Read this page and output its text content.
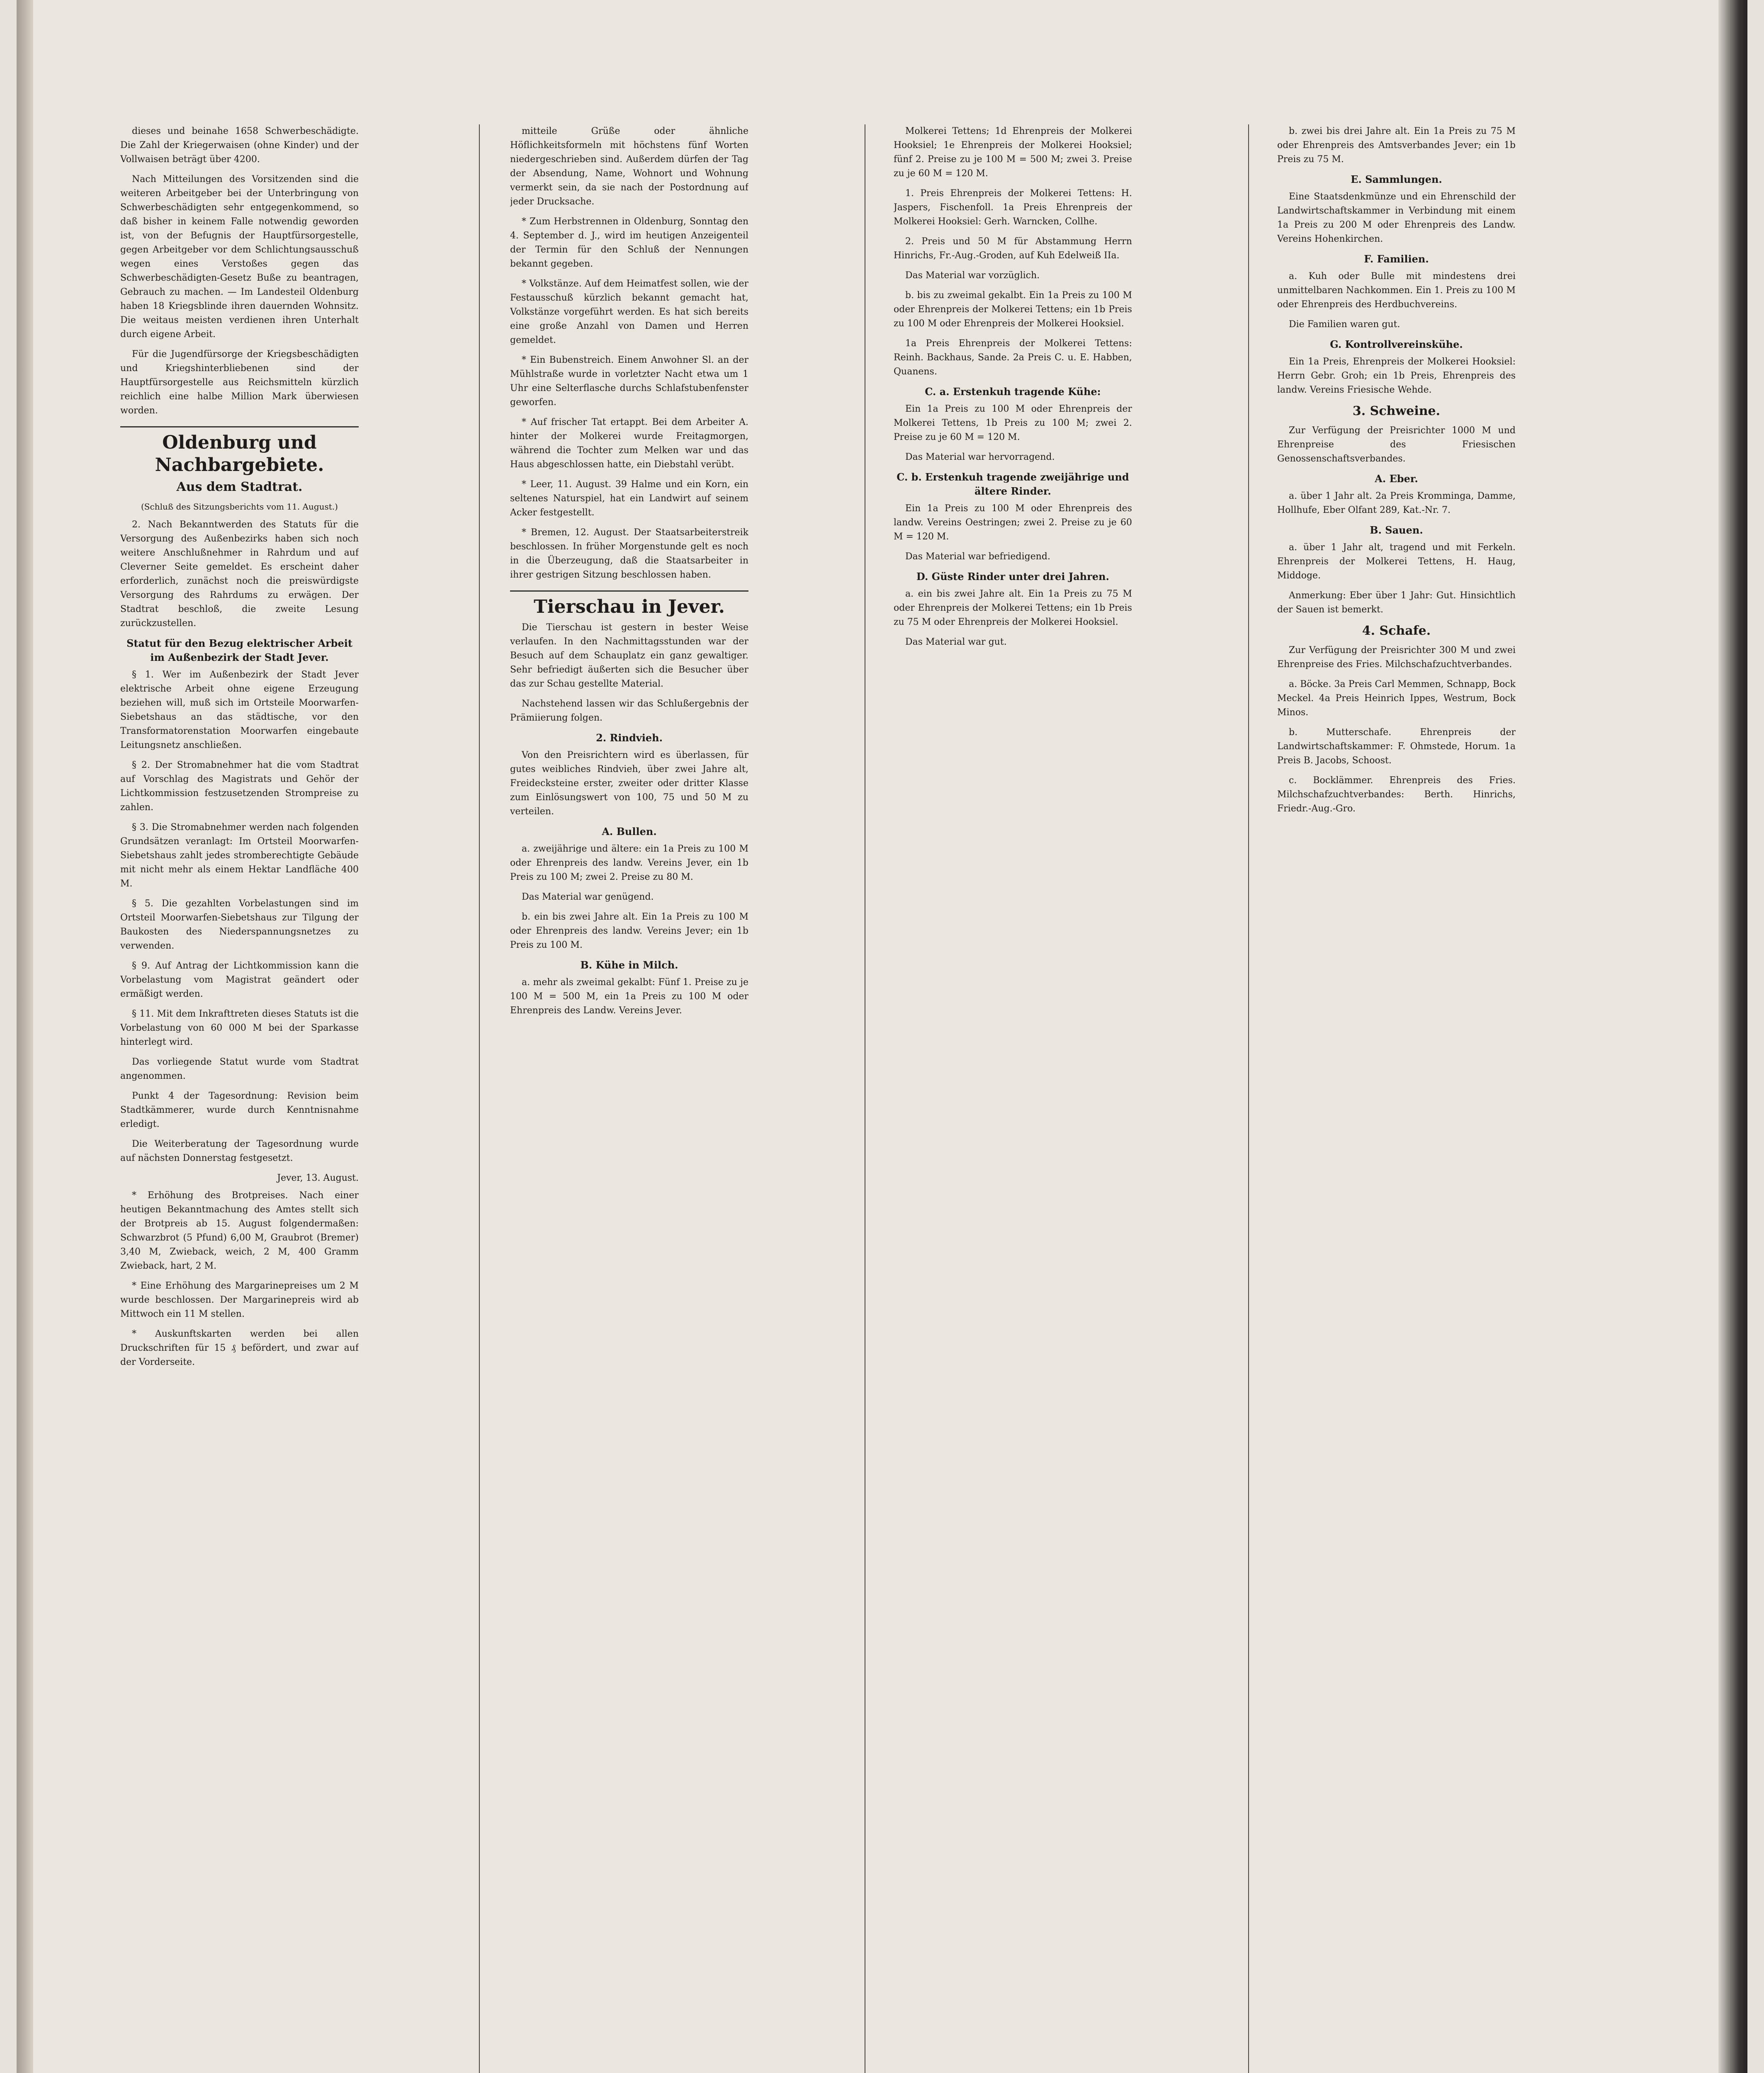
dieses und beinahe 1658 Schwerbeschädigte. Die Zahl der Kriegerwaisen (ohne Kinder) und der Vollwaisen beträgt über 4200.

Nach Mitteilungen des Vorsitzenden sind die weiteren Arbeitgeber bei der Unterbringung von Schwerbeschädigten sehr entgegenkommend, so daß bisher in keinem Falle notwendig geworden ist, von der Befugnis der Hauptfürsorgestelle, gegen Arbeitgeber vor dem Schlichtungsausschuß wegen eines Verstoßes gegen das Schwerbeschädigten-Gesetz Buße zu beantragen, Gebrauch zu machen. — Im Landesteil Oldenburg haben 18 Kriegsblinde ihren dauernden Wohnsitz. Die weitaus meisten verdienen ihren Unterhalt durch eigene Arbeit.

Für die Jugendfürsorge der Kriegsbeschädigten und Kriegshinterbliebenen sind der Hauptfürsorgestelle aus Reichsmitteln kürzlich reichlich eine halbe Million Mark überwiesen worden.

Oldenburg und Nachbargebiete.
Aus dem Stadtrat.
(Schluß des Sitzungsberichts vom 11. August.)

2. Nach Bekanntwerden des Statuts für die Versorgung des Außenbezirks haben sich noch weitere Anschlußnehmer in Rahrdum und auf Cleverner Seite gemeldet. Es erscheint daher erforderlich, zunächst noch die preiswürdigste Versorgung des Rahrdums zu erwägen. Der Stadtrat beschloß, die zweite Lesung zurückzustellen.

Statut für den Bezug elektrischer Arbeit im Außenbezirk der Stadt Jever.

§ 1. Wer im Außenbezirk der Stadt Jever elektrische Arbeit ohne eigene Erzeugung beziehen will, muß sich im Ortsteile Moorwarfen-Siebetshaus an das städtische, vor den Transformatorenstation Moorwarfen eingebaute Leitungsnetz anschließen.

§ 2. Der Stromabnehmer hat die vom Stadtrat auf Vorschlag des Magistrats und Gehör der Lichtkommission festzusetzenden Strompreise zu zahlen.

§ 3. Die Stromabnehmer werden nach folgenden Grundsätzen veranlagt: Im Ortsteil Moorwarfen-Siebetshaus zahlt jedes stromberechtigte Gebäude mit nicht mehr als einem Hektar Landfläche 400 M.

§ 5. Die gezahlten Vorbelastungen sind im Ortsteil Moorwarfen-Siebetshaus zur Tilgung der Baukosten des Niederspannungsnetzes zu verwenden.

§ 9. Auf Antrag der Lichtkommission kann die Vorbelastung vom Magistrat geändert oder ermäßigt werden.

§ 11. Mit dem Inkrafttreten dieses Statuts ist die Vorbelastung von 60 000 M bei der Sparkasse hinterlegt wird.

Das vorliegende Statut wurde vom Stadtrat angenommen.

Punkt 4 der Tagesordnung: Revision beim Stadtkämmerer, wurde durch Kenntnisnahme erledigt.

Die Weiterberatung der Tagesordnung wurde auf nächsten Donnerstag festgesetzt.

Jever, 13. August.

* Erhöhung des Brotpreises. Nach einer heutigen Bekanntmachung des Amtes stellt sich der Brotpreis ab 15. August folgendermaßen: Schwarzbrot (5 Pfund) 6,00 M, Graubrot (Bremer) 3,40 M, Zwieback, weich, 2 M, 400 Gramm Zwieback, hart, 2 M.

* Eine Erhöhung des Margarinepreises um 2 M wurde beschlossen. Der Margarinepreis wird ab Mittwoch ein 11 M stellen.

* Auskunftskarten werden bei allen Druckschriften für 15 ₰ befördert, und zwar auf der Vorderseite.

mitteile Grüße oder ähnliche Höflichkeitsformeln mit höchstens fünf Worten niedergeschrieben sind. Außerdem dürfen der Tag der Absendung, Name, Wohnort und Wohnung vermerkt sein, da sie nach der Postordnung auf jeder Drucksache.

* Zum Herbstrennen in Oldenburg, Sonntag den 4. September d. J., wird im heutigen Anzeigenteil der Termin für den Schluß der Nennungen bekannt gegeben.

* Volkstänze. Auf dem Heimatfest sollen, wie der Festausschuß kürzlich bekannt gemacht hat, Volkstänze vorgeführt werden. Es hat sich bereits eine große Anzahl von Damen und Herren gemeldet.

* Ein Bubenstreich. Einem Anwohner Sl. an der Mühlstraße wurde in vorletzter Nacht etwa um 1 Uhr eine Selterflasche durchs Schlafstubenfenster geworfen.

* Auf frischer Tat ertappt. Bei dem Arbeiter A. hinter der Molkerei wurde Freitagmorgen, während die Tochter zum Melken war und das Haus abgeschlossen hatte, ein Diebstahl verübt.

* Leer, 11. August. 39 Halme und ein Korn, ein seltenes Naturspiel, hat ein Landwirt auf seinem Acker festgestellt.

* Bremen, 12. August. Der Staatsarbeiterstreik beschlossen. In früher Morgenstunde gelt es noch in die Überzeugung, daß die Staatsarbeiter in ihrer gestrigen Sitzung beschlossen haben.

Tierschau in Jever.

Die Tierschau ist gestern in bester Weise verlaufen. In den Nachmittagsstunden war der Besuch auf dem Schauplatz ein ganz gewaltiger. Sehr befriedigt äußerten sich die Besucher über das zur Schau gestellte Material.

Nachstehend lassen wir das Schlußergebnis der Prämiierung folgen.

2. Rindvieh.

Von den Preisrichtern wird es überlassen, für gutes weibliches Rindvieh, über zwei Jahre alt, Freidecksteine erster, zweiter oder dritter Klasse zum Einlösungswert von 100, 75 und 50 M zu verteilen.

A. Bullen.

a. zweijährige und ältere: ein 1a Preis zu 100 M oder Ehrenpreis des landw. Vereins Jever, ein 1b Preis zu 100 M; zwei 2. Preise zu 80 M.

Das Material war genügend.

b. ein bis zwei Jahre alt. Ein 1a Preis zu 100 M oder Ehrenpreis des landw. Vereins Jever; ein 1b Preis zu 100 M.

B. Kühe in Milch.

a. mehr als zweimal gekalbt: Fünf 1. Preise zu je 100 M = 500 M, ein 1a Preis zu 100 M oder Ehrenpreis des Landw. Vereins Jever.

Molkerei Tettens; 1d Ehrenpreis der Molkerei Hooksiel; 1e Ehrenpreis der Molkerei Hooksiel; fünf 2. Preise zu je 100 M = 500 M; zwei 3. Preise zu je 60 M = 120 M.

1. Preis Ehrenpreis der Molkerei Tettens: H. Jaspers, Fischenfoll. 1a Preis Ehrenpreis der Molkerei Hooksiel: Gerh. Warncken, Collhe.

2. Preis und 50 M für Abstammung Herrn Hinrichs, Fr.-Aug.-Groden, auf Kuh Edelweiß IIa.

Das Material war vorzüglich.

b. bis zu zweimal gekalbt. Ein 1a Preis zu 100 M oder Ehrenpreis der Molkerei Tettens; ein 1b Preis zu 100 M oder Ehrenpreis der Molkerei Hooksiel.

1a Preis Ehrenpreis der Molkerei Tettens: Reinh. Backhaus, Sande. 2a Preis C. u. E. Habben, Quanens.

C. a. Erstenkuh tragende Kühe:

Ein 1a Preis zu 100 M oder Ehrenpreis der Molkerei Tettens, 1b Preis zu 100 M; zwei 2. Preise zu je 60 M = 120 M.

Das Material war hervorragend.

C. b. Erstenkuh tragende zweijährige und ältere Rinder.

Ein 1a Preis zu 100 M oder Ehrenpreis des landw. Vereins Oestringen; zwei 2. Preise zu je 60 M = 120 M.

Das Material war befriedigend.

D. Güste Rinder unter drei Jahren.

a. ein bis zwei Jahre alt. Ein 1a Preis zu 75 M oder Ehrenpreis der Molkerei Tettens; ein 1b Preis zu 75 M oder Ehrenpreis der Molkerei Hooksiel.

Das Material war gut.

b. zwei bis drei Jahre alt. Ein 1a Preis zu 75 M oder Ehrenpreis des Amtsverbandes Jever; ein 1b Preis zu 75 M.

E. Sammlungen.

Eine Staatsdenkmünze und ein Ehrenschild der Landwirtschaftskammer in Verbindung mit einem 1a Preis zu 200 M oder Ehrenpreis des Landw. Vereins Hohenkirchen.

F. Familien.

a. Kuh oder Bulle mit mindestens drei unmittelbaren Nachkommen. Ein 1. Preis zu 100 M oder Ehrenpreis des Herdbuchvereins.

Die Familien waren gut.

G. Kontrollvereinskühe.

Ein 1a Preis, Ehrenpreis der Molkerei Hooksiel: Herrn Gebr. Groh; ein 1b Preis, Ehrenpreis des landw. Vereins Friesische Wehde.

3. Schweine.

Zur Verfügung der Preisrichter 1000 M und Ehrenpreise des Friesischen Genossenschaftsverbandes.

A. Eber.

a. über 1 Jahr alt. 2a Preis Kromminga, Damme, Hollhufe, Eber Olfant 289, Kat.-Nr. 7.

B. Sauen.

a. über 1 Jahr alt, tragend und mit Ferkeln. Ehrenpreis der Molkerei Tettens, H. Haug, Middoge.

Anmerkung: Eber über 1 Jahr: Gut. Hinsichtlich der Sauen ist bemerkt.

4. Schafe.

Zur Verfügung der Preisrichter 300 M und zwei Ehrenpreise des Fries. Milchschafzuchtverbandes.

a. Böcke. 3a Preis Carl Memmen, Schnapp, Bock Meckel. 4a Preis Heinrich Ippes, Westrum, Bock Minos.

b. Mutterschafe. Ehrenpreis der Landwirtschaftskammer: F. Ohmstede, Horum. 1a Preis B. Jacobs, Schoost.

c. Bocklämmer. Ehrenpreis des Fries. Milchschafzuchtverbandes: Berth. Hinrichs, Friedr.-Aug.-Gro.
